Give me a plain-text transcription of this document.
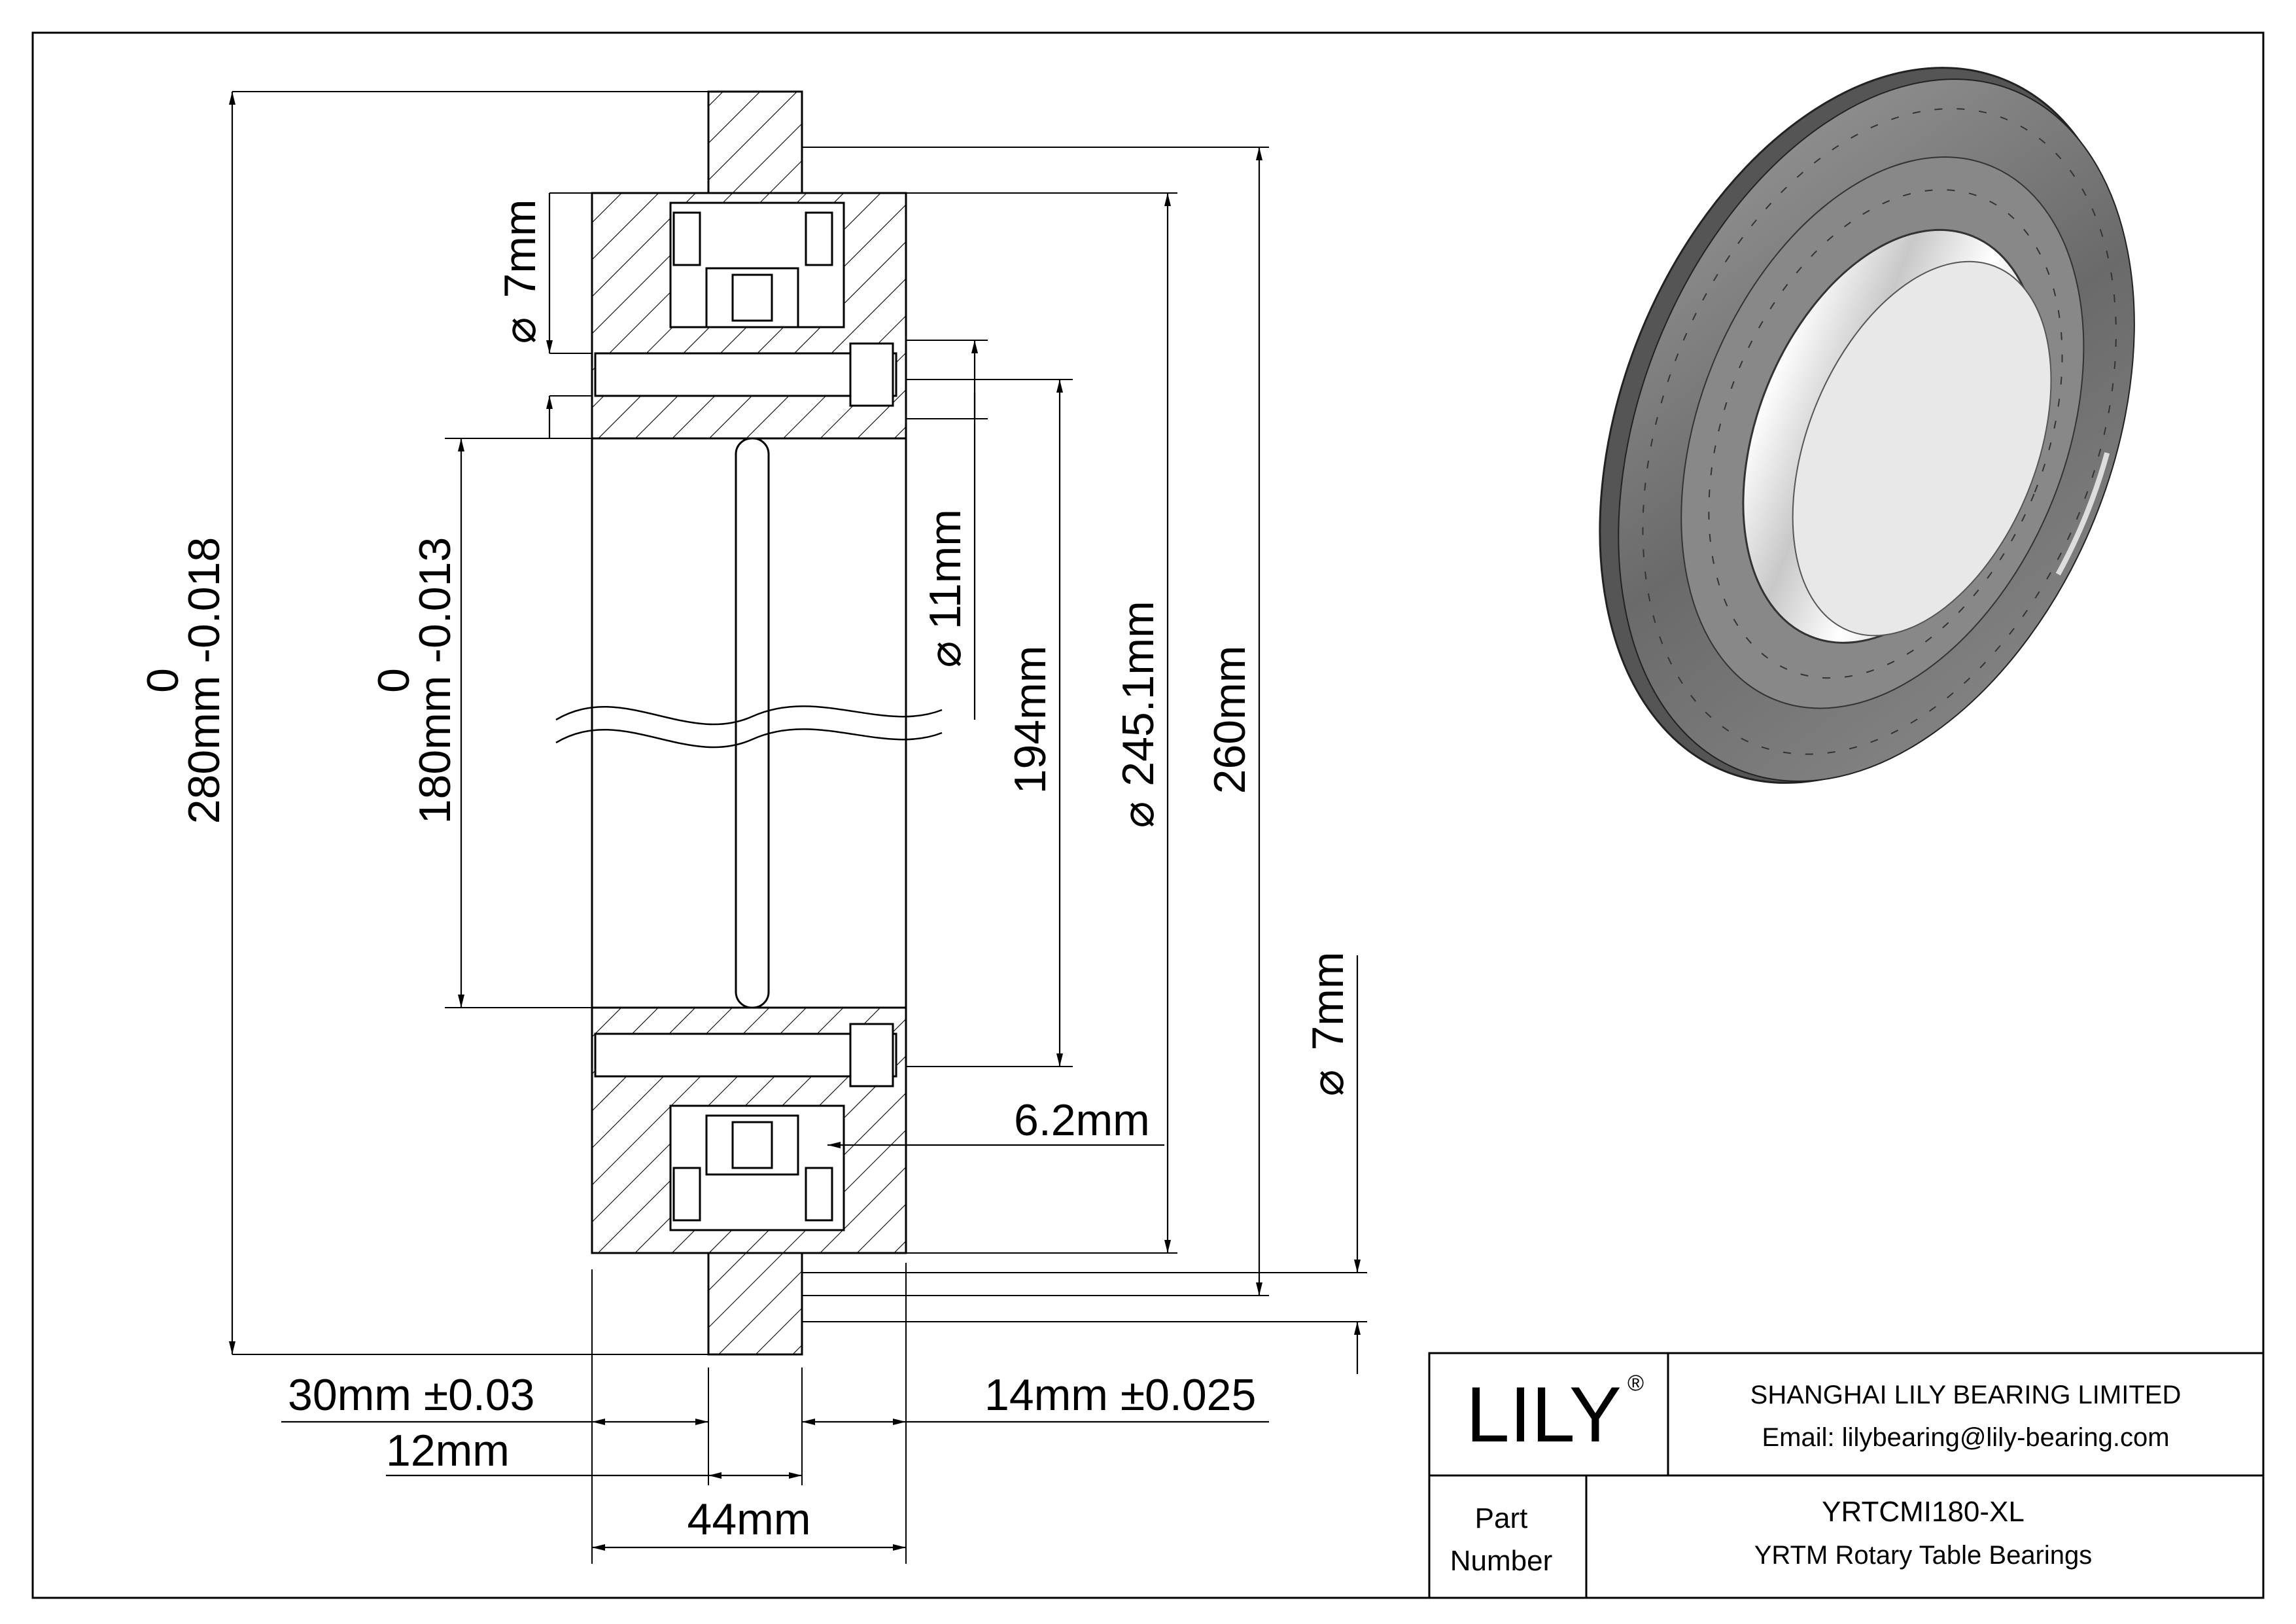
0
280mm -0.018	0
180mm -0.013
⌀
7mm
⌀
11mm
194mm
⌀
245.1mm 260mm
⌀
7mm
6.2mm
30mm ±0.03
12mm
14mm ±0.025
44mm
LILY ®	SHANGHAI LILY BEARING LIMITED
Email: lilybearing@lily-bearing.com
Part
Number
YRTCMI180-XL
YRTM Rotary Table Bearings
